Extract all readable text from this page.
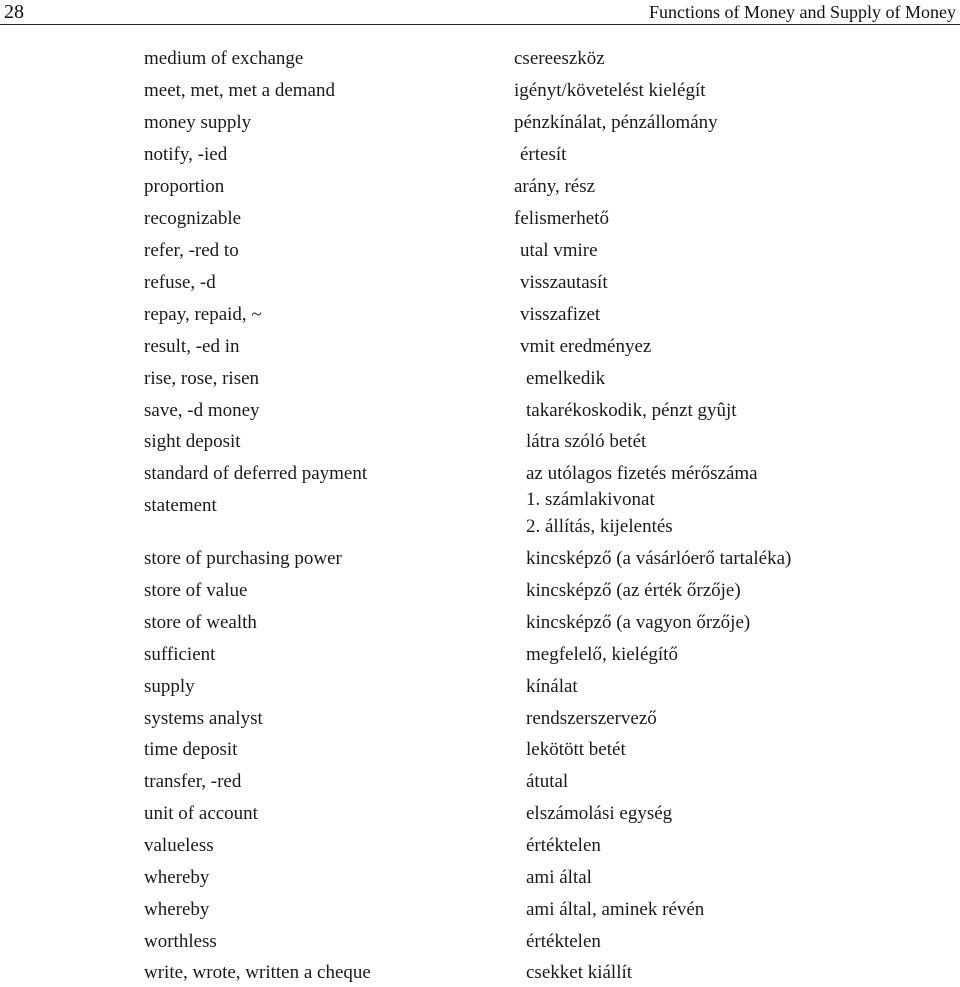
28	Functions of Money and Supply of Money
medium of exchange	csereeszköz
meet, met, met a demand	igényt/követelést kielégít
money supply	pénzkínálat, pénzállomány
notify, -ied	értesít
proportion	arány, rész
recognizable	felismerhető
refer, -red to	utal vmire
refuse, -d	visszautasít
repay, repaid, ~	visszafizet
result, -ed in	vmit eredményez
rise, rose, risen	emelkedik
save, -d money	takarékoskodik, pénzt gyûjt
sight deposit	látra szóló betét
standard of deferred payment	az utólagos fizetés mérőszáma
statement	1. számlakivonat
2. állítás, kijelentés
store of purchasing power	kincsképző (a vásárlóerő tartaléka)
store of value	kincsképző (az érték őrzője)
store of wealth	kincsképző (a vagyon őrzője)
sufficient	megfelelő, kielégítő
supply	kínálat
systems analyst	rendszerszervező
time deposit	lekötött betét
transfer, -red	átutal
unit of account	elszámolási egység
valueless	értéktelen
whereby	ami által
whereby	ami által, aminek révén
worthless	értéktelen
write, wrote, written a cheque	csekket kiállít
